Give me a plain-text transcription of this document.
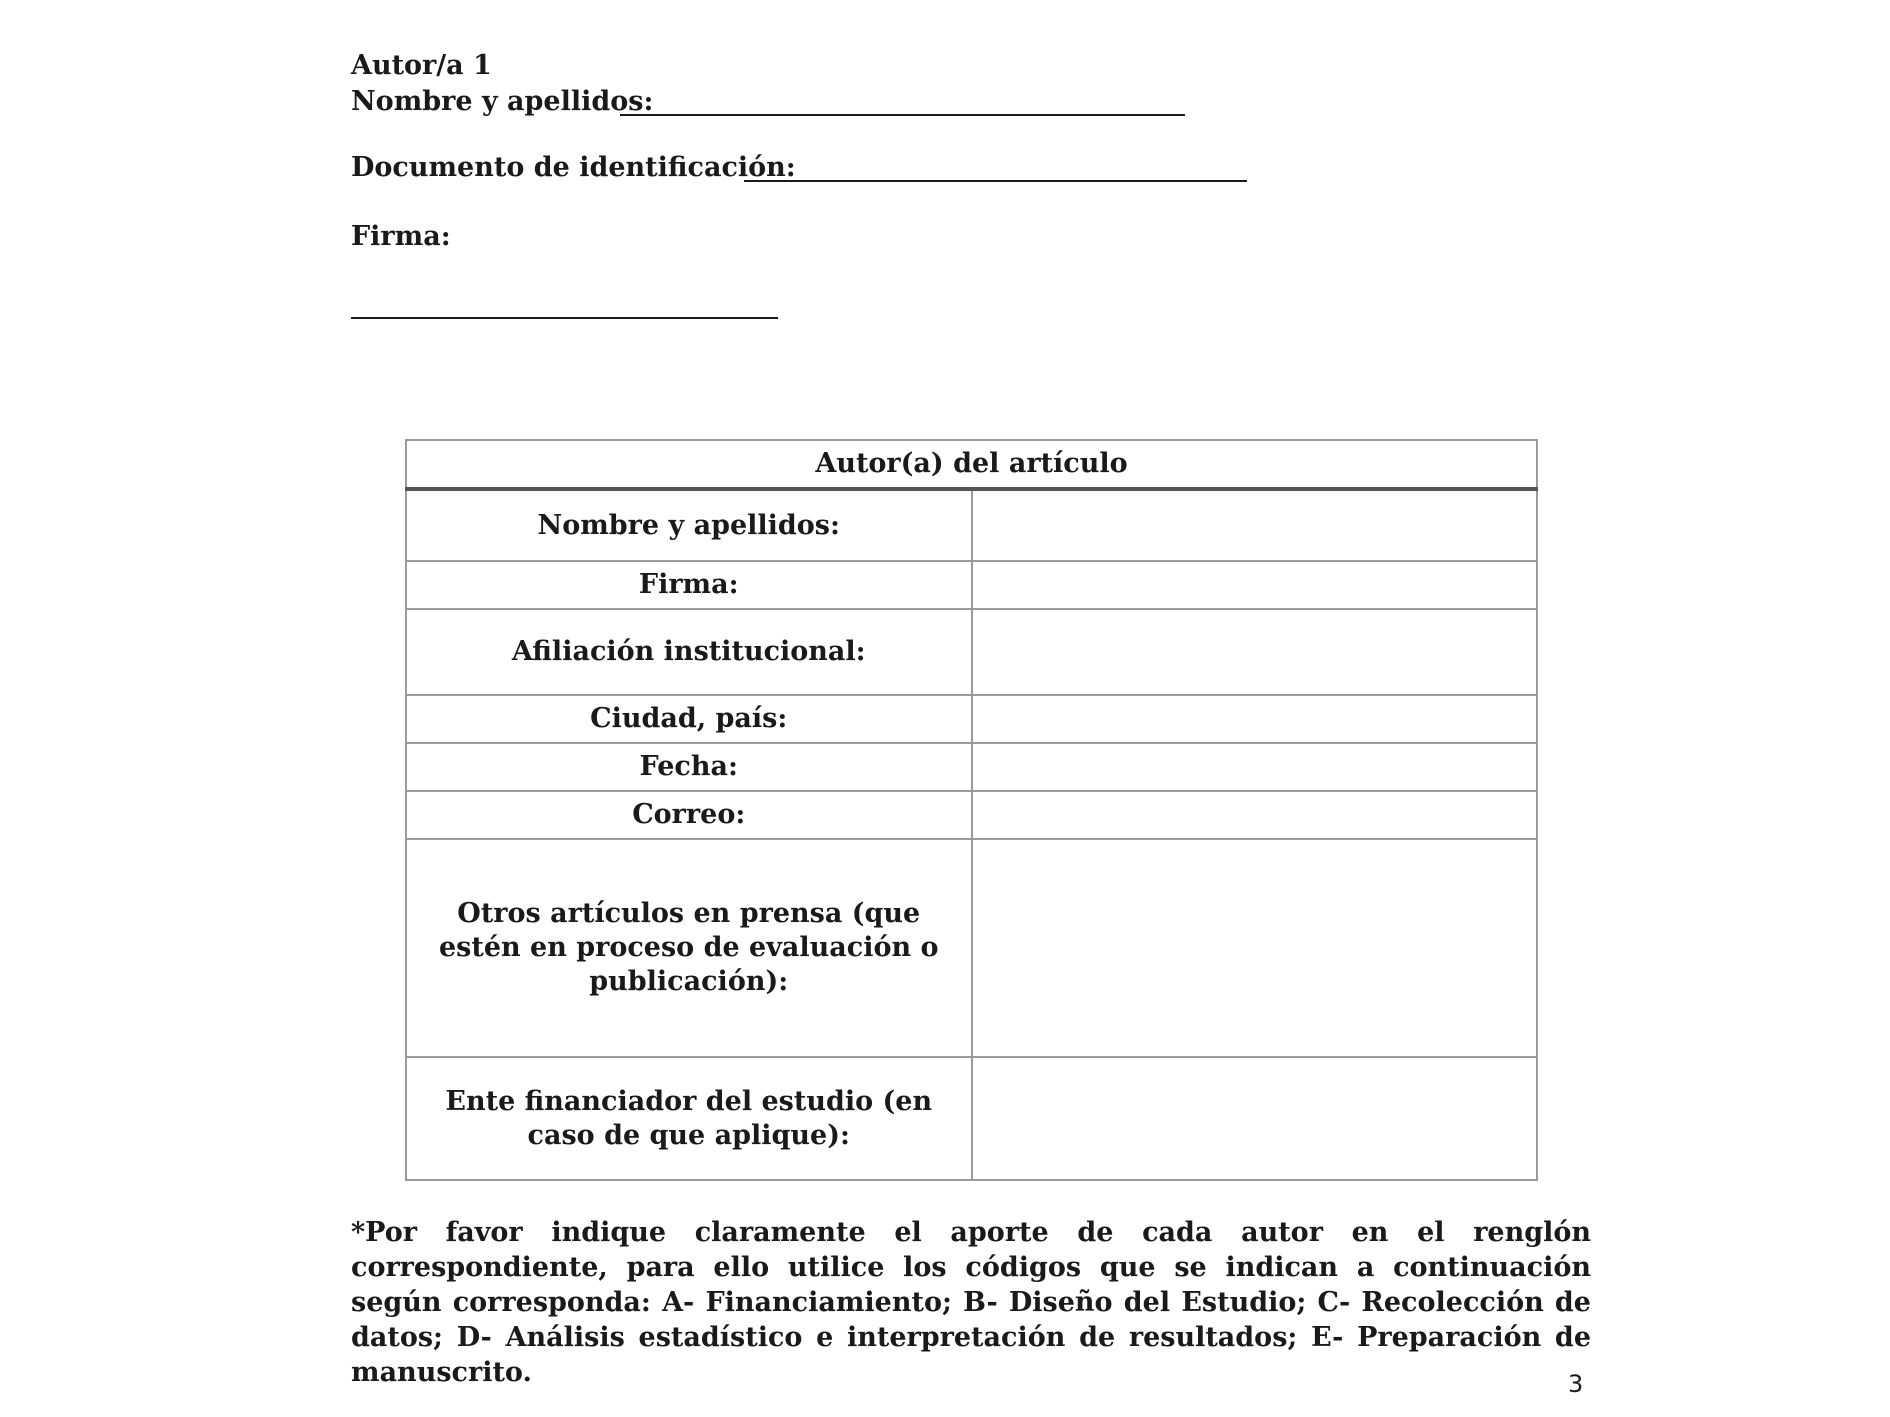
Autor/a 1
Nombre y apellidos:
Documento de identificación:
Firma:
Autor(a) del artículo	
Nombre y apellidos:	
Firma:	
Afiliación institucional:	
Ciudad, país:	
Fecha:	
Correo:	
Otros artículos en prensa (que estén en proceso de evaluación o publicación):	
Ente financiador del estudio (en caso de que aplique):	
*Por favor indique claramente el aporte de cada autor en el renglón correspondiente, para ello utilice los códigos que se indican a continuación según corresponda: A- Financiamiento; B- Diseño del Estudio; C- Recolección de datos; D- Análisis estadístico e interpretación de resultados; E- Preparación de manuscrito.	3
